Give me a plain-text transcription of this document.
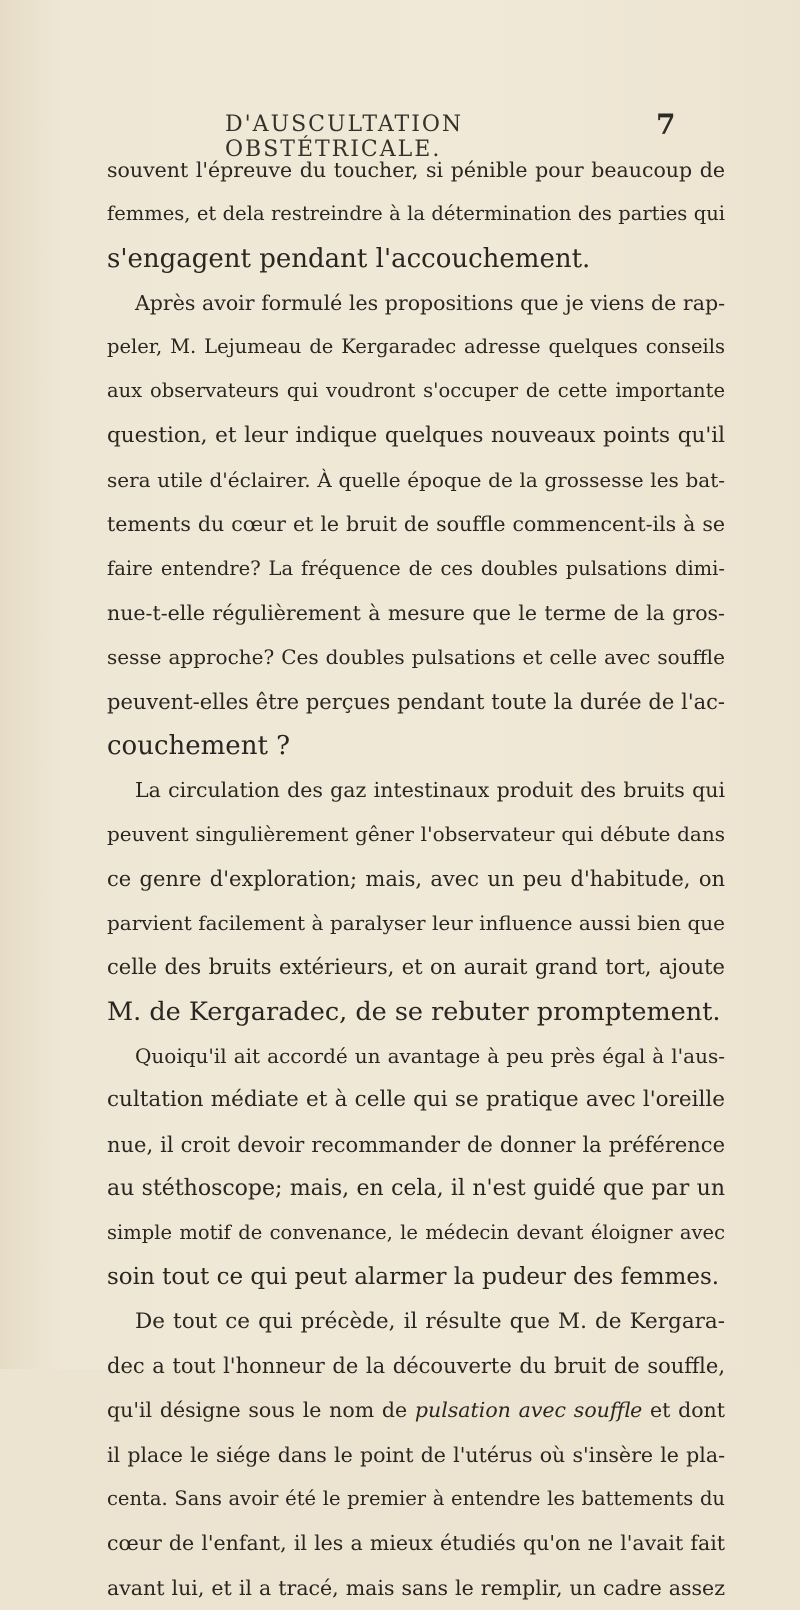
D'AUSCULTATION OBSTÉTRICALE.
7
souvent l'épreuve du toucher, si pénible pour beaucoup de
femmes, et dela restreindre à la détermination des parties qui
s'engagent pendant l'accouchement.
Après avoir formulé les propositions que je viens de rap-
peler, M. Lejumeau de Kergaradec adresse quelques conseils
aux observateurs qui voudront s'occuper de cette importante
question, et leur indique quelques nouveaux points qu'il
sera utile d'éclairer. À quelle époque de la grossesse les bat-
tements du cœur et le bruit de souffle commencent-ils à se
faire entendre? La fréquence de ces doubles pulsations dimi-
nue-t-elle régulièrement à mesure que le terme de la gros-
sesse approche? Ces doubles pulsations et celle avec souffle
peuvent-elles être perçues pendant toute la durée de l'ac-
couchement ?
La circulation des gaz intestinaux produit des bruits qui
peuvent singulièrement gêner l'observateur qui débute dans
ce genre d'exploration; mais, avec un peu d'habitude, on
parvient facilement à paralyser leur influence aussi bien que
celle des bruits extérieurs, et on aurait grand tort, ajoute
M. de Kergaradec, de se rebuter promptement.
Quoiqu'il ait accordé un avantage à peu près égal à l'aus-
cultation médiate et à celle qui se pratique avec l'oreille
nue, il croit devoir recommander de donner la préférence
au stéthoscope; mais, en cela, il n'est guidé que par un
simple motif de convenance, le médecin devant éloigner avec
soin tout ce qui peut alarmer la pudeur des femmes.
De tout ce qui précède, il résulte que M. de Kergara-
dec a tout l'honneur de la découverte du bruit de souffle,
qu'il désigne sous le nom de pulsation avec souffle et dont
il place le siége dans le point de l'utérus où s'insère le pla-
centa. Sans avoir été le premier à entendre les battements du
cœur de l'enfant, il les a mieux étudiés qu'on ne l'avait fait
avant lui, et il a tracé, mais sans le remplir, un cadre assez
